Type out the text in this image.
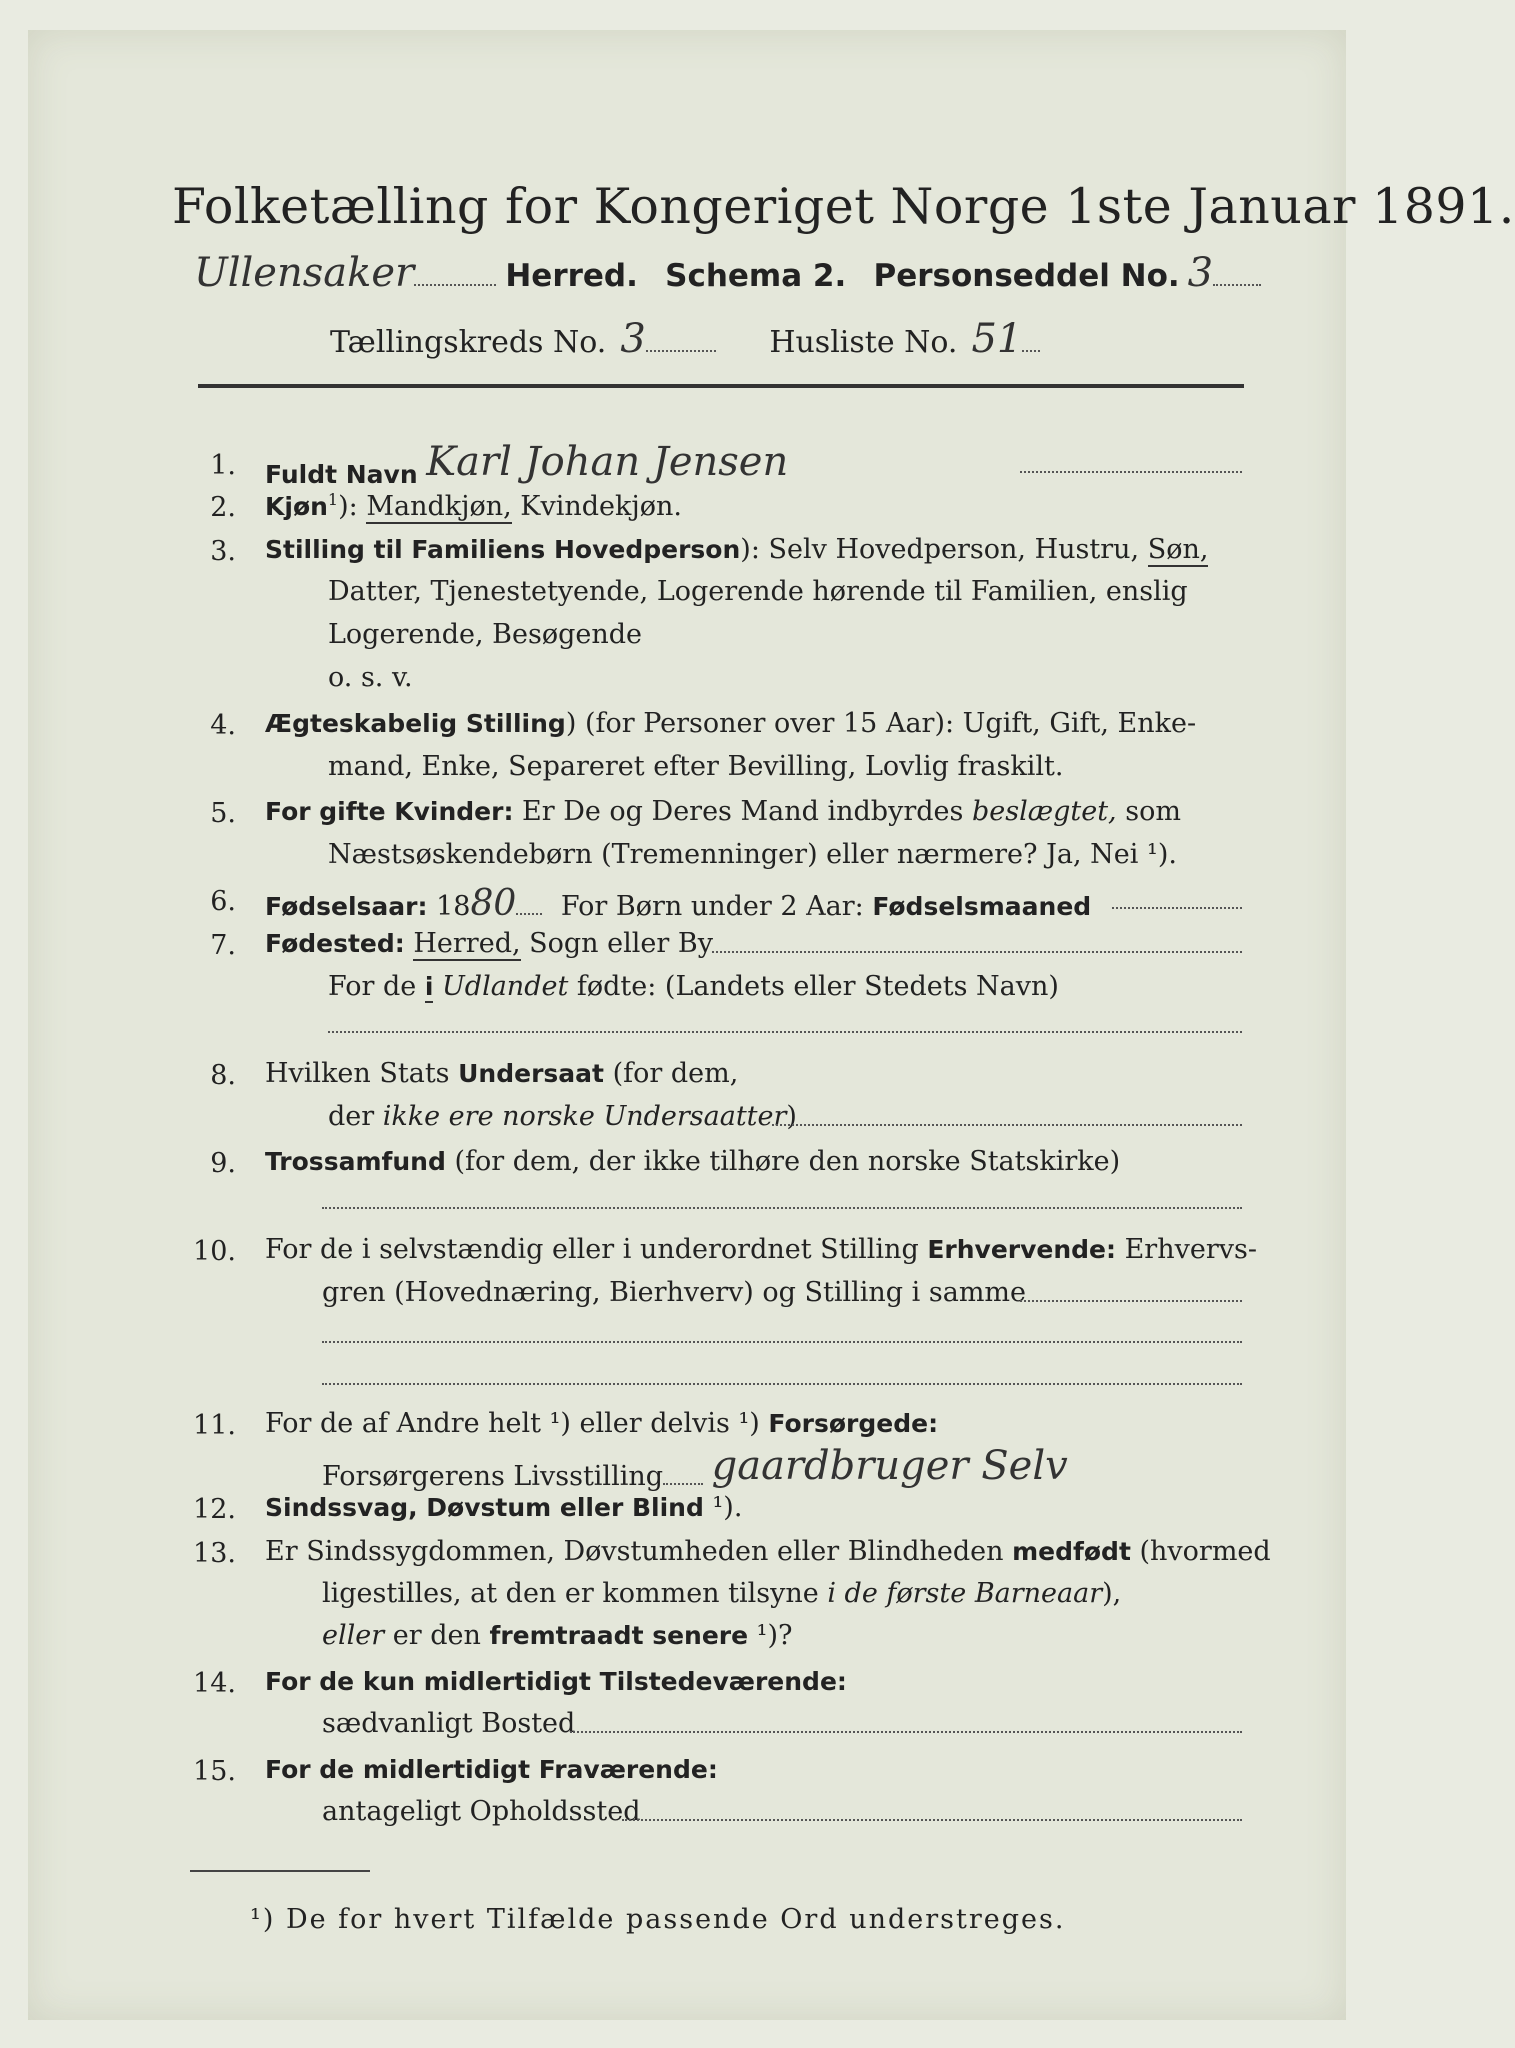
Folketælling for Kongeriget Norge 1ste Januar 1891.
Ullensaker	Herred. Schema 2. Personseddel No. 3
Tællingskreds No. 3	Husliste No. 51
1. Fuldt Navn Karl Johan Jensen
2. Kjøn$^1$): Mandkjøn, Kvindekjøn.
3. Stilling til Familiens Hovedperson): Selv Hovedperson, Hustru, Søn,
Datter, Tjenestetyende, Logerende hørende til Familien, enslig
Logerende, Besøgende
o. s. v.
4. Ægteskabelig Stilling) (for Personer over 15 Aar): Ugift, Gift, Enke-
mand, Enke, Separeret efter Bevilling, Lovlig fraskilt.
5. For gifte Kvinder: Er De og Deres Mand indbyrdes beslægtet, som
Næstsøskendebørn (Tremenninger) eller nærmere? Ja, Nei ¹).
6. Fødselsaar: 1880 For Børn under 2 Aar: Fødselsmaaned
7. Fødested: Herred, Sogn eller By
For de i Udlandet fødte: (Landets eller Stedets Navn)
8. Hvilken Stats Undersaat (for dem,
der ikke ere norske Undersaatter)
9. Trossamfund (for dem, der ikke tilhøre den norske Statskirke)
10. For de i selvstændig eller i underordnet Stilling Erhvervende: Erhvervs-
gren (Hovednæring, Bierhverv) og Stilling i samme
11. For de af Andre helt ¹) eller delvis ¹) Forsørgede:
Forsørgerens Livsstilling gaardbruger Selv
12. Sindssvag, Døvstum eller Blind ¹).
13. Er Sindssygdommen, Døvstumheden eller Blindheden medfødt (hvormed
ligestilles, at den er kommen tilsyne i de første Barneaar),
eller er den fremtraadt senere ¹)?
14. For de kun midlertidigt Tilstedeværende:
sædvanligt Bosted
15. For de midlertidigt Fraværende:
antageligt Opholdssted
¹) De for hvert Tilfælde passende Ord understreges.
